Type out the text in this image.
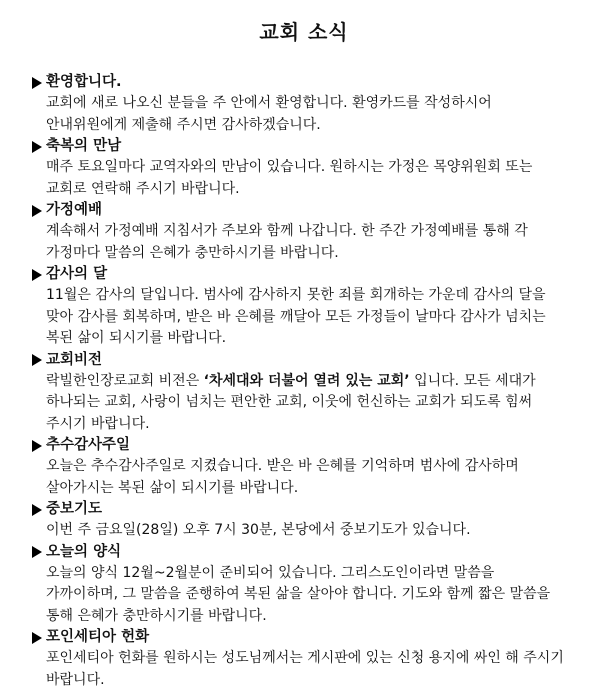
교회 소식
환영합니다.
교회에 새로 나오신 분들을 주 안에서 환영합니다. 환영카드를 작성하시어 안내위원에게 제출해 주시면 감사하겠습니다.
축복의 만남
매주 토요일마다 교역자와의 만남이 있습니다. 원하시는 가정은 목양위원회 또는 교회로 연락해 주시기 바랍니다.
가정예배
계속해서 가정예배 지침서가 주보와 함께 나갑니다. 한 주간 가정예배를 통해 각 가정마다 말씀의 은혜가 충만하시기를 바랍니다.
감사의 달
11월은 감사의 달입니다. 범사에 감사하지 못한 죄를 회개하는 가운데 감사의 달을 맞아 감사를 회복하며, 받은 바 은혜를 깨달아 모든 가정들이 날마다 감사가 넘치는 복된 삶이 되시기를 바랍니다.
교회비전
락빌한인장로교회 비전은 ‘차세대와 더불어 열려 있는 교회’ 입니다. 모든 세대가 하나되는 교회, 사랑이 넘치는 편안한 교회, 이웃에 헌신하는 교회가 되도록 힘써 주시기 바랍니다.
추수감사주일
오늘은 추수감사주일로 지켰습니다. 받은 바 은혜를 기억하며 범사에 감사하며 살아가시는 복된 삶이 되시기를 바랍니다.
중보기도
이번 주 금요일(28일) 오후 7시 30분, 본당에서 중보기도가 있습니다.
오늘의 양식
오늘의 양식 12월~2월분이 준비되어 있습니다. 그리스도인이라면 말씀을 가까이하며, 그 말씀을 준행하여 복된 삶을 살아야 합니다. 기도와 함께 짧은 말씀을 통해 은혜가 충만하시기를 바랍니다.
포인세티아 헌화
포인세티아 헌화를 원하시는 성도님께서는 게시판에 있는 신청 용지에 싸인 해 주시기 바랍니다.
